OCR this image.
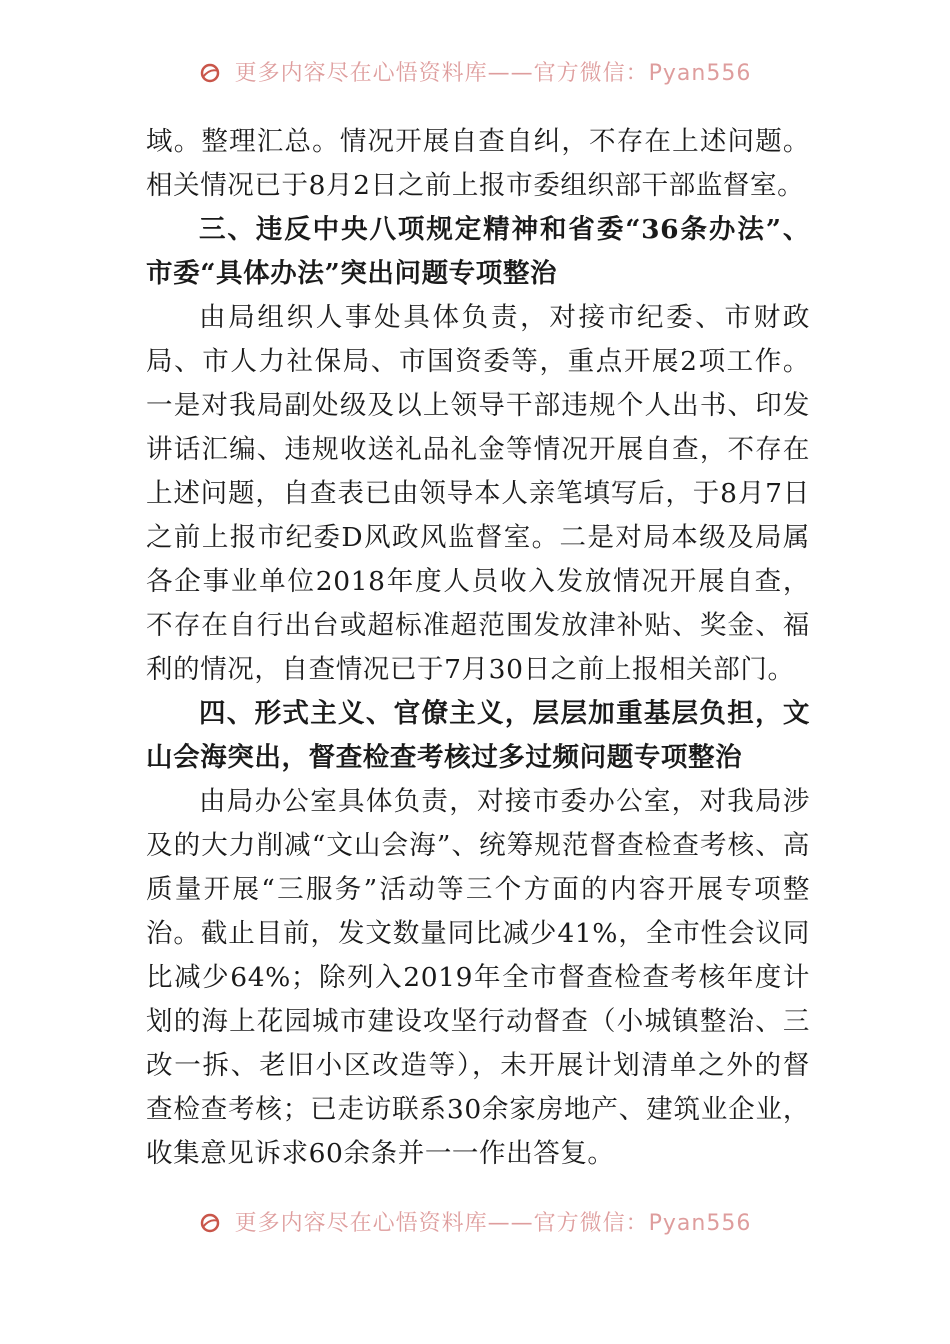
更多内容尽在心悟资料库——官方微信：Pyan556

域。整理汇总。情况开展自查自纠，不存在上述问题。相关情况已于8月2日之前上报市委组织部干部监督室。

三、违反中央八项规定精神和省委“36条办法”、市委“具体办法”突出问题专项整治

由局组织人事处具体负责，对接市纪委、市财政局、市人力社保局、市国资委等，重点开展2项工作。一是对我局副处级及以上领导干部违规个人出书、印发讲话汇编、违规收送礼品礼金等情况开展自查，不存在上述问题，自查表已由领导本人亲笔填写后，于8月7日之前上报市纪委D风政风监督室。二是对局本级及局属各企事业单位2018年度人员收入发放情况开展自查，不存在自行出台或超标准超范围发放津补贴、奖金、福利的情况，自查情况已于7月30日之前上报相关部门。

四、形式主义、官僚主义，层层加重基层负担，文山会海突出，督查检查考核过多过频问题专项整治

由局办公室具体负责，对接市委办公室，对我局涉及的大力削减“文山会海”、统筹规范督查检查考核、高质量开展“三服务”活动等三个方面的内容开展专项整治。截止目前，发文数量同比减少41%，全市性会议同比减少64%；除列入2019年全市督查检查考核年度计划的海上花园城市建设攻坚行动督查（小城镇整治、三改一拆、老旧小区改造等），未开展计划清单之外的督查检查考核；已走访联系30余家房地产、建筑业企业，收集意见诉求60余条并一一作出答复。

更多内容尽在心悟资料库——官方微信：Pyan556
